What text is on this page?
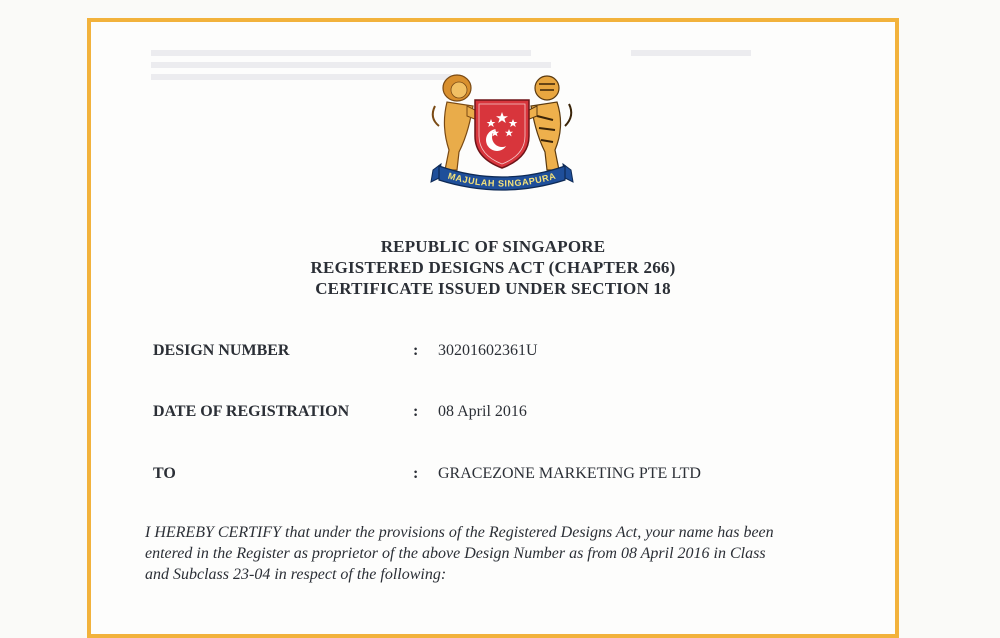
MAJULAH SINGAPURA
REPUBLIC OF SINGAPORE
REGISTERED DESIGNS ACT (CHAPTER 266)
CERTIFICATE ISSUED UNDER SECTION 18
DESIGN NUMBER	: 30201602361U
DATE OF REGISTRATION	: 08 April 2016
TO	: GRACEZONE MARKETING PTE LTD
I HEREBY CERTIFY that under the provisions of the Registered Designs Act, your name has been
entered in the Register as proprietor of the above Design Number as from 08 April 2016 in Class
and Subclass 23-04 in respect of the following:
